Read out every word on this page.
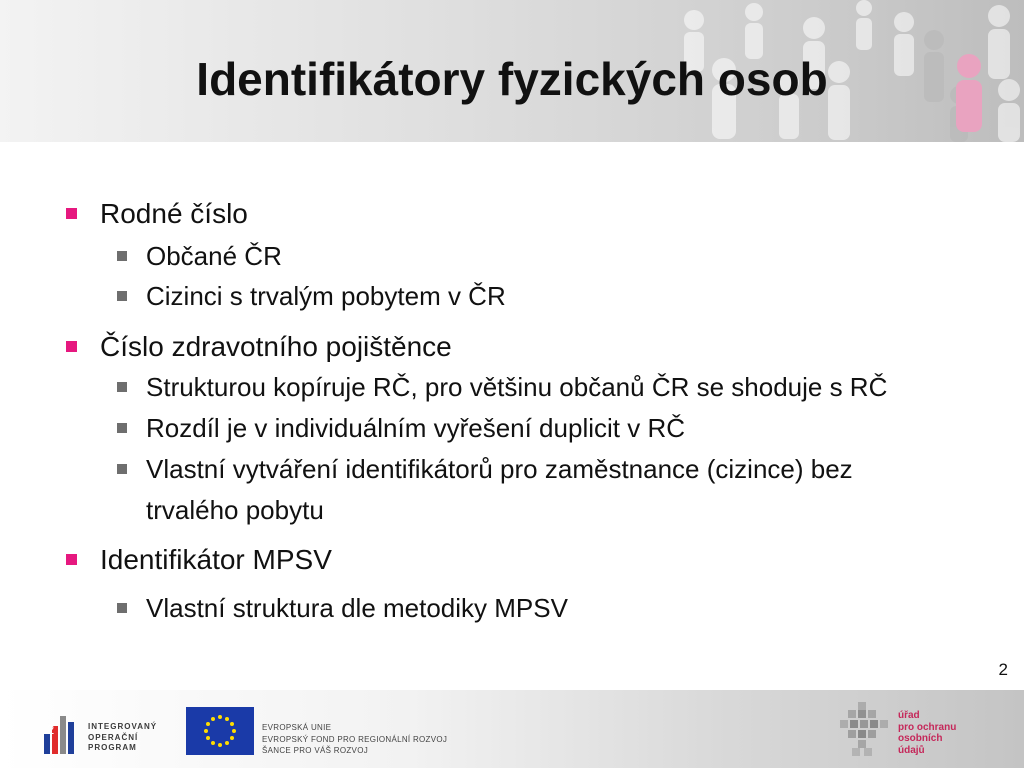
Identifikátory fyzických osob
Rodné číslo
Občané ČR
Cizinci s trvalým pobytem v ČR
Číslo zdravotního pojištěnce
Strukturou kopíruje RČ, pro většinu občanů ČR se shoduje s RČ
Rozdíl je v individuálním vyřešení duplicit v RČ
Vlastní vytváření identifikátorů pro zaměstnance (cizince) bez
trvalého pobytu
Identifikátor MPSV
Vlastní struktura dle metodiky MPSV
2
2	INTEGROVANÝ
OPERAČNÍ
PROGRAM
EVROPSKÁ UNIE
EVROPSKÝ FOND PRO REGIONÁLNÍ ROZVOJ
ŠANCE PRO VÁŠ ROZVOJ
úřad
pro ochranu
osobních
údajů
